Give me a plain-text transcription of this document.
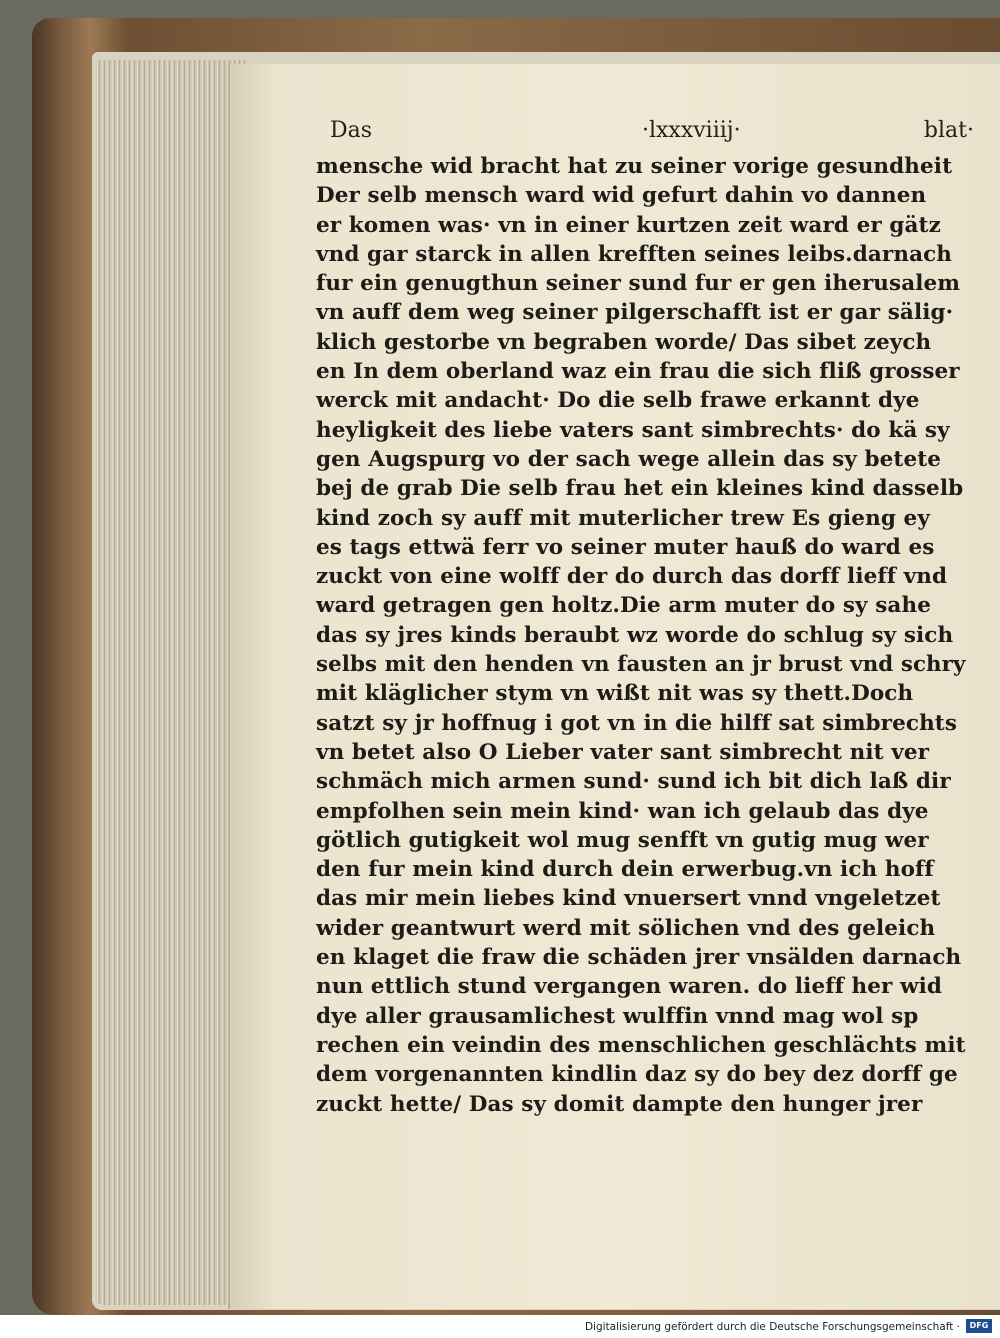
Das	·lxxxviiij·	blat·
mensche wid bracht hat zu seiner vorige gesundheit
Der selb mensch ward wid gefurt dahin vo dannen
er komen was· vn in einer kurtzen zeit ward er gätz
vnd gar starck in allen krefften seines leibs.darnach
fur ein genugthun seiner sund fur er gen iherusalem
vn auff dem weg seiner pilgerschafft ist er gar sälig·
klich gestorbe vn begraben worde/ Das sibet zeych
en In dem oberland waz ein frau die sich fliß grosser
werck mit andacht· Do die selb frawe erkannt dye
heyligkeit des liebe vaters sant simbrechts· do kä sy
gen Augspurg vo der sach wege allein das sy betete
bej de grab Die selb frau het ein kleines kind dasselb
kind zoch sy auff mit muterlicher trew Es gieng ey
es tags ettwä ferr vo seiner muter hauß do ward es
zuckt von eine wolff der do durch das dorff lieff vnd
ward getragen gen holtz.Die arm muter do sy sahe
das sy jres kinds beraubt wz worde do schlug sy sich
selbs mit den henden vn fausten an jr brust vnd schry
mit kläglicher stym vn wißt nit was sy thett.Doch
satzt sy jr hoffnug i got vn in die hilff sat simbrechts
vn betet also O Lieber vater sant simbrecht nit ver
schmäch mich armen sund· sund ich bit dich laß dir
empfolhen sein mein kind· wan ich gelaub das dye
götlich gutigkeit wol mug senfft vn gutig mug wer
den fur mein kind durch dein erwerbug.vn ich hoff
das mir mein liebes kind vnuersert vnnd vngeletzet
wider geantwurt werd mit sölichen vnd des geleich
en klaget die fraw die schäden jrer vnsälden darnach
nun ettlich stund vergangen waren. do lieff her wid
dye aller grausamlichest wulffin vnnd mag wol sp
rechen ein veindin des menschlichen geschlächts mit
dem vorgenannten kindlin daz sy do bey dez dorff ge
zuckt hette/ Das sy domit dampte den hunger jrer
Digitalisierung gefördert durch die Deutsche Forschungsgemeinschaft ·	DFG
